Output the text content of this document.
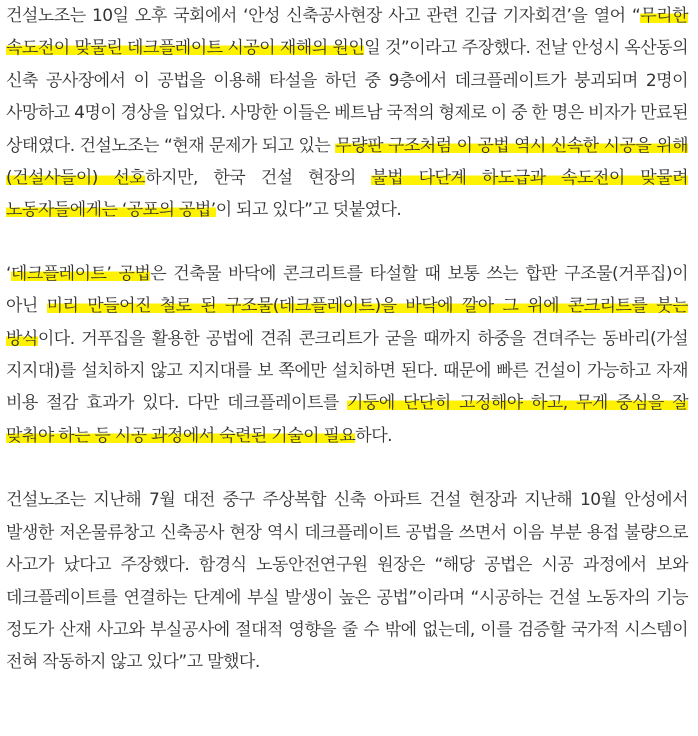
건설노조는 10일 오후 국회에서 ‘안성 신축공사현장 사고 관련 긴급 기자회견’을 열어 “무리한 속도전이 맞물린 데크플레이트 시공이 재해의 원인일 것”이라고 주장했다. 전날 안성시 옥산동의 신축 공사장에서 이 공법을 이용해 타설을 하던 중 9층에서 데크플레이트가 붕괴되며 2명이 사망하고 4명이 경상을 입었다. 사망한 이들은 베트남 국적의 형제로 이 중 한 명은 비자가 만료된 상태였다. 건설노조는 “현재 문제가 되고 있는 무량판 구조처럼 이 공법 역시 신속한 시공을 위해 (건설사들이) 선호하지만, 한국 건설 현장의 불법 다단계 하도급과 속도전이 맞물려 노동자들에게는 ‘공포의 공법’이 되고 있다”고 덧붙였다.

‘데크플레이트’ 공법은 건축물 바닥에 콘크리트를 타설할 때 보통 쓰는 합판 구조물(거푸집)이 아닌 미리 만들어진 철로 된 구조물(데크플레이트)을 바닥에 깔아 그 위에 콘크리트를 붓는 방식이다. 거푸집을 활용한 공법에 견줘 콘크리트가 굳을 때까지 하중을 견뎌주는 동바리(가설 지지대)를 설치하지 않고 지지대를 보 쪽에만 설치하면 된다. 때문에 빠른 건설이 가능하고 자재 비용 절감 효과가 있다. 다만 데크플레이트를 기둥에 단단히 고정해야 하고, 무게 중심을 잘 맞춰야 하는 등 시공 과정에서 숙련된 기술이 필요하다.

건설노조는 지난해 7월 대전 중구 주상복합 신축 아파트 건설 현장과 지난해 10월 안성에서 발생한 저온물류창고 신축공사 현장 역시 데크플레이트 공법을 쓰면서 이음 부분 용접 불량으로 사고가 났다고 주장했다. 함경식 노동안전연구원 원장은 “해당 공법은 시공 과정에서 보와 데크플레이트를 연결하는 단계에 부실 발생이 높은 공법”이라며 “시공하는 건설 노동자의 기능 정도가 산재 사고와 부실공사에 절대적 영향을 줄 수 밖에 없는데, 이를 검증할 국가적 시스템이 전혀 작동하지 않고 있다”고 말했다.
